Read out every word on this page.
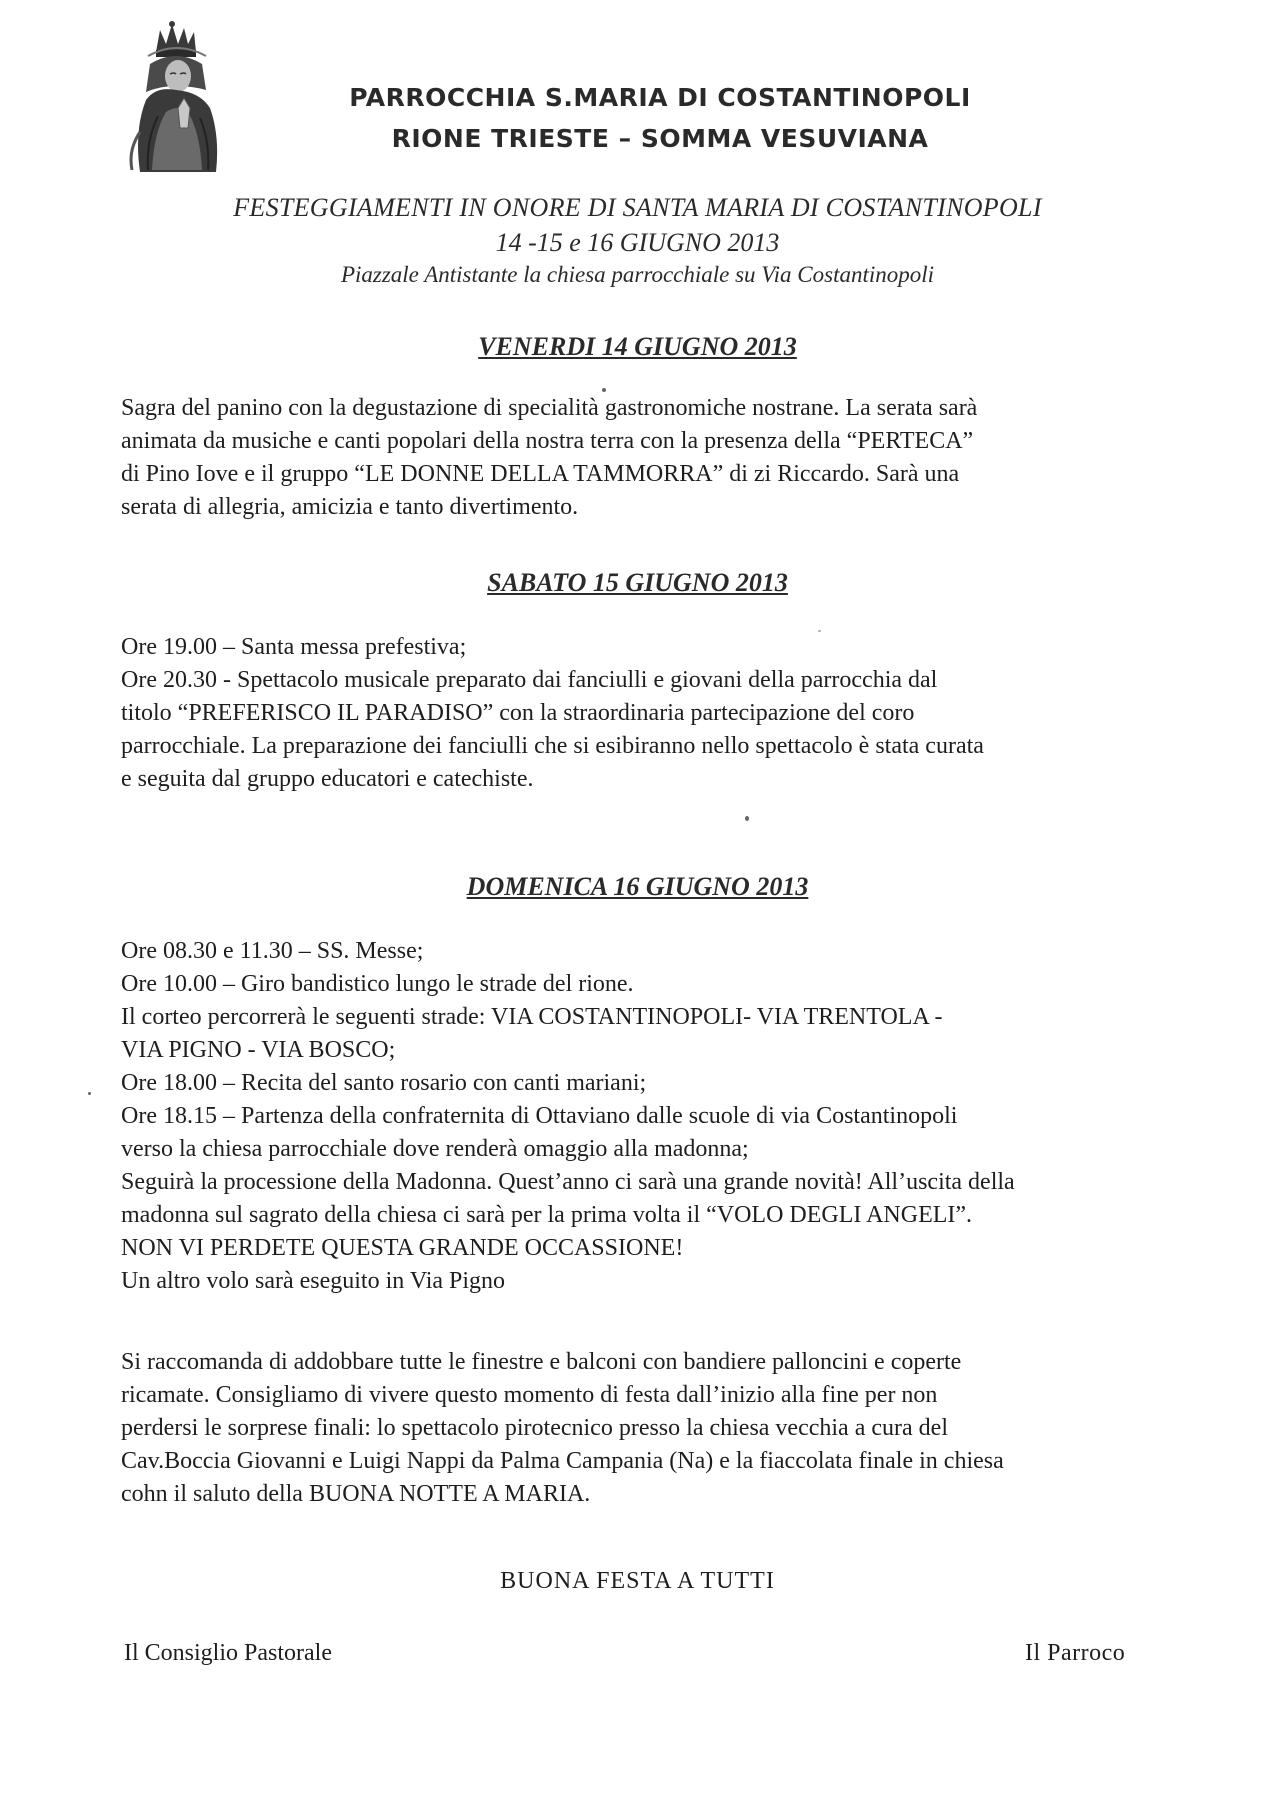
PARROCCHIA S.MARIA DI COSTANTINOPOLI
RIONE TRIESTE – SOMMA VESUVIANA
FESTEGGIAMENTI IN ONORE DI SANTA MARIA DI COSTANTINOPOLI
14 -15 e 16 GIUGNO 2013
Piazzale Antistante la chiesa parrocchiale su Via Costantinopoli
VENERDI 14 GIUGNO 2013
Sagra del panino con la degustazione di specialità gastronomiche nostrane. La serata sarà
animata da musiche e canti popolari della nostra terra con la presenza della “PERTECA”
di Pino Iove e il gruppo “LE DONNE DELLA TAMMORRA” di zi Riccardo. Sarà una
serata di allegria, amicizia e tanto divertimento.
SABATO 15 GIUGNO 2013
Ore 19.00 – Santa messa prefestiva;
Ore 20.30 - Spettacolo musicale preparato dai fanciulli e giovani della parrocchia dal
titolo “PREFERISCO IL PARADISO” con la straordinaria partecipazione del coro
parrocchiale. La preparazione dei fanciulli che si esibiranno nello spettacolo è stata curata
e seguita dal gruppo educatori e catechiste.
DOMENICA 16 GIUGNO 2013
Ore 08.30 e 11.30 – SS. Messe;
Ore 10.00 – Giro bandistico lungo le strade del rione.
Il corteo percorrerà le seguenti strade: VIA COSTANTINOPOLI- VIA TRENTOLA -
VIA PIGNO - VIA BOSCO;
Ore 18.00 – Recita del santo rosario con canti mariani;
Ore 18.15 – Partenza della confraternita di Ottaviano dalle scuole di via Costantinopoli
verso la chiesa parrocchiale dove renderà omaggio alla madonna;
Seguirà la processione della Madonna. Quest’anno ci sarà una grande novità! All’uscita della
madonna sul sagrato della chiesa ci sarà per la prima volta il “VOLO DEGLI ANGELI”.
NON VI PERDETE QUESTA GRANDE OCCASSIONE!
Un altro volo sarà eseguito in Via Pigno
Si raccomanda di addobbare tutte le finestre e balconi con bandiere palloncini e coperte
ricamate. Consigliamo di vivere questo momento di festa dall’inizio alla fine per non
perdersi le sorprese finali: lo spettacolo pirotecnico presso la chiesa vecchia a cura del
Cav.Boccia Giovanni e Luigi Nappi da Palma Campania (Na) e la fiaccolata finale in chiesa
cohn il saluto della BUONA NOTTE A MARIA.
BUONA FESTA A TUTTI
Il Consiglio Pastorale	Il Parroco
